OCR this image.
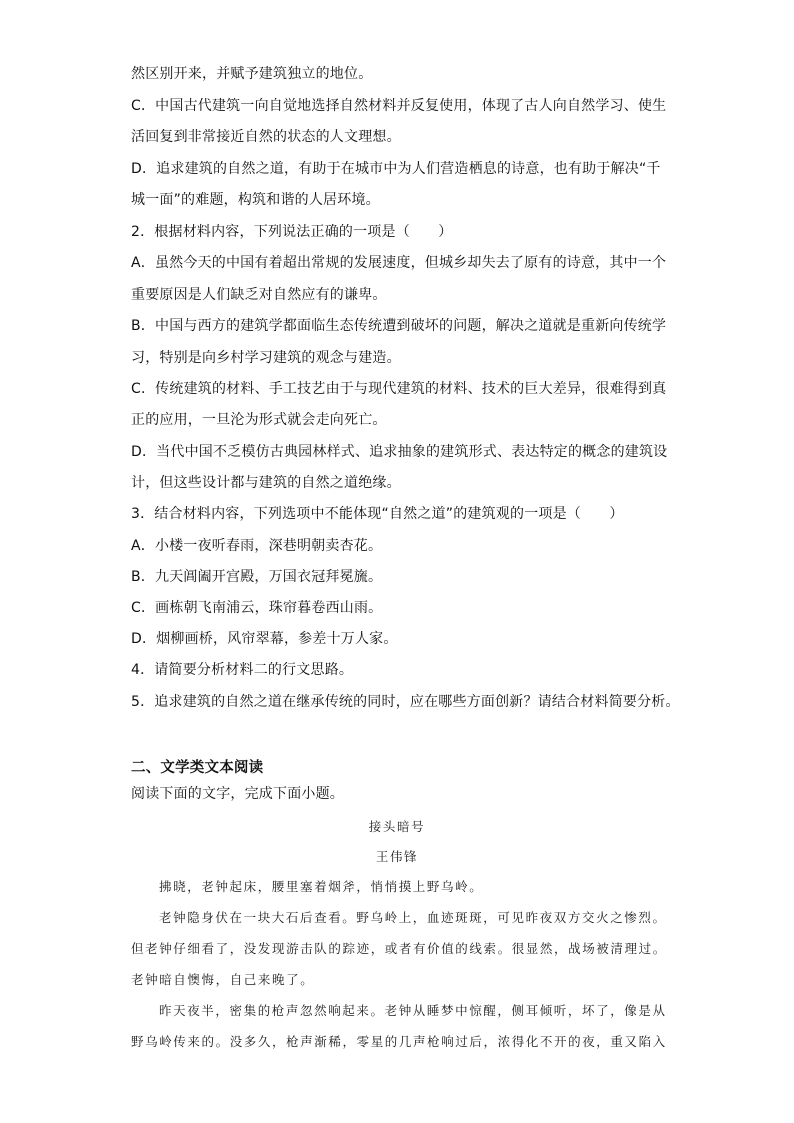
然区别开来，并赋予建筑独立的地位。
C．中国古代建筑一向自觉地选择自然材料并反复使用，体现了古人向自然学习、使生
活回复到非常接近自然的状态的人文理想。
D．追求建筑的自然之道，有助于在城市中为人们营造栖息的诗意，也有助于解决“千
城一面”的难题，构筑和谐的人居环境。
2．根据材料内容，下列说法正确的一项是（　　）
A．虽然今天的中国有着超出常规的发展速度，但城乡却失去了原有的诗意，其中一个
重要原因是人们缺乏对自然应有的谦卑。
B．中国与西方的建筑学都面临生态传统遭到破坏的问题，解决之道就是重新向传统学
习，特别是向乡村学习建筑的观念与建造。
C．传统建筑的材料、手工技艺由于与现代建筑的材料、技术的巨大差异，很难得到真
正的应用，一旦沦为形式就会走向死亡。
D．当代中国不乏模仿古典园林样式、追求抽象的建筑形式、表达特定的概念的建筑设
计，但这些设计都与建筑的自然之道绝缘。
3．结合材料内容，下列选项中不能体现“自然之道”的建筑观的一项是（　　）
A．小楼一夜听春雨，深巷明朝卖杏花。
B．九天阊阖开宫殿，万国衣冠拜冕旒。
C．画栋朝飞南浦云，珠帘暮卷西山雨。
D．烟柳画桥，风帘翠幕，参差十万人家。
4．请简要分析材料二的行文思路。
5．追求建筑的自然之道在继承传统的同时，应在哪些方面创新？请结合材料简要分析。
二、文学类文本阅读
阅读下面的文字，完成下面小题。
接头暗号
王伟锋
拂晓，老钟起床，腰里塞着烟斧，悄悄摸上野乌岭。
老钟隐身伏在一块大石后查看。野乌岭上，血迹斑斑，可见昨夜双方交火之惨烈。
但老钟仔细看了，没发现游击队的踪迹，或者有价值的线索。很显然，战场被清理过。
老钟暗自懊悔，自己来晚了。
昨天夜半，密集的枪声忽然响起来。老钟从睡梦中惊醒，侧耳倾听，坏了，像是从
野乌岭传来的。没多久，枪声渐稀，零星的几声枪响过后，浓得化不开的夜，重又陷入
